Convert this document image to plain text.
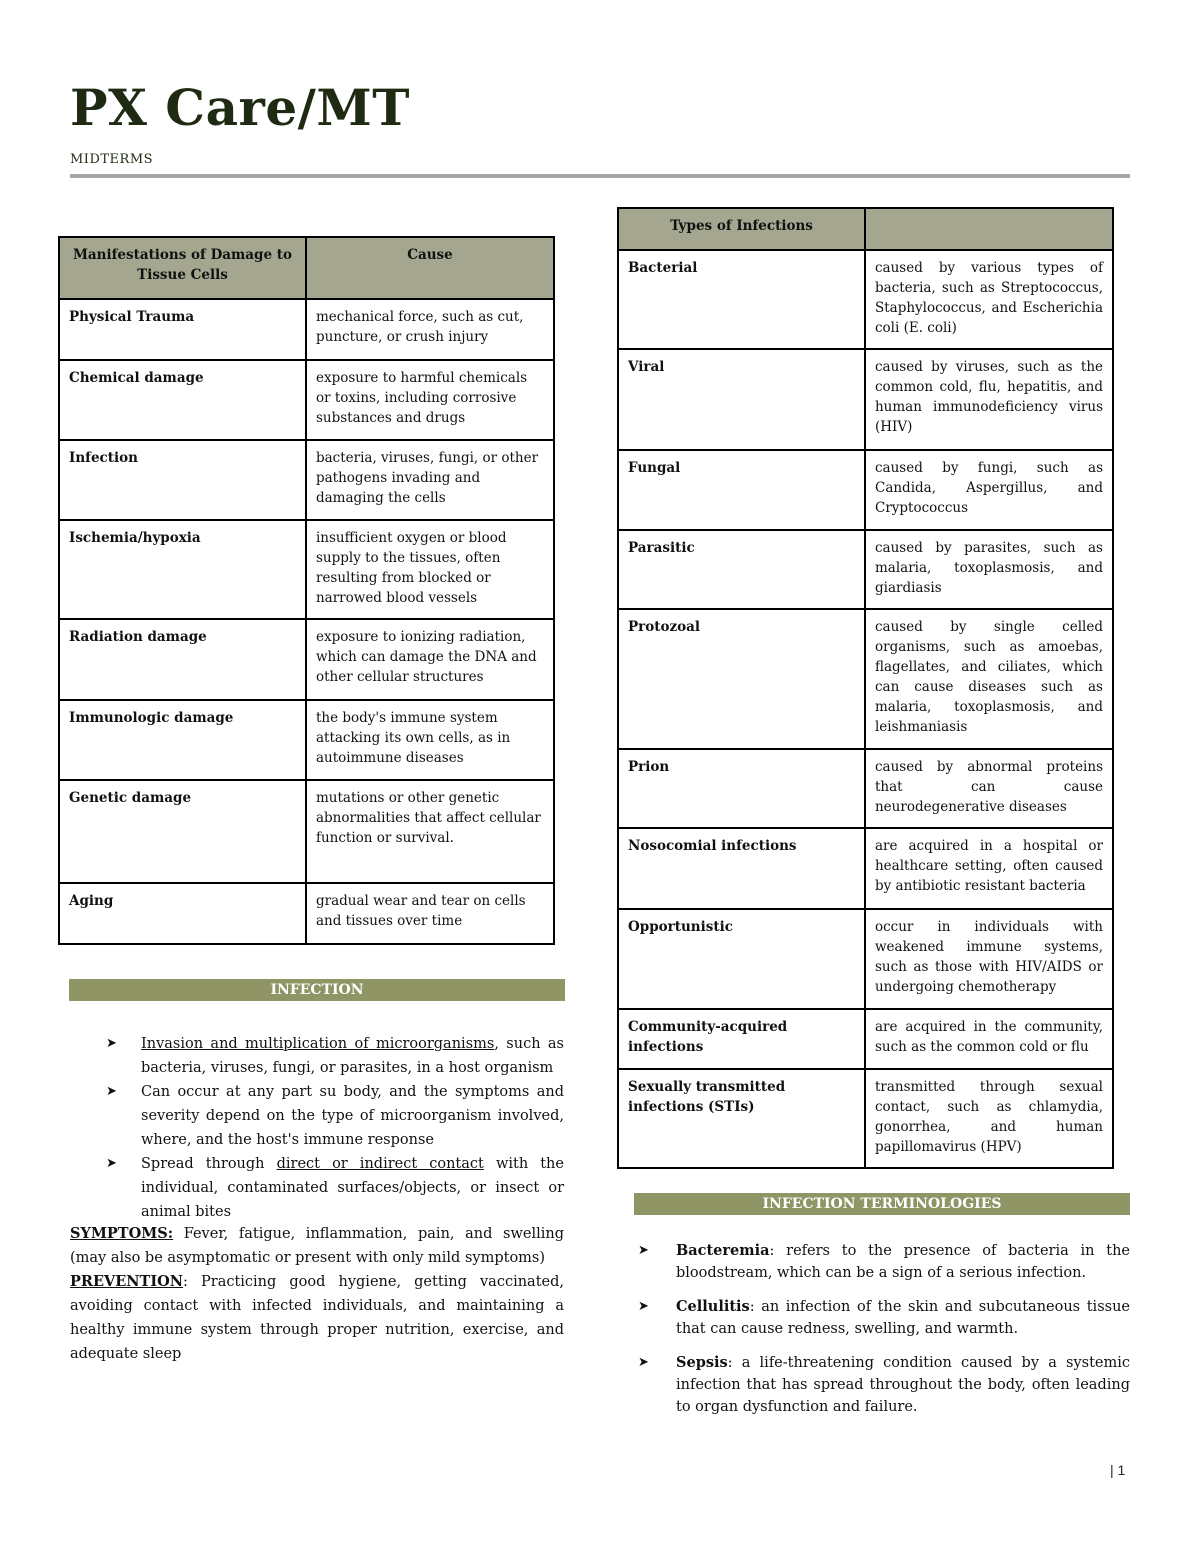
PX Care/MT
MIDTERMS
Manifestations of Damage to Tissue Cells	Cause
Physical Trauma	mechanical force, such as cut, puncture, or crush injury
Chemical damage	exposure to harmful chemicals or toxins, including corrosive substances and drugs
Infection	bacteria, viruses, fungi, or other pathogens invading and damaging the cells
Ischemia/hypoxia	insufficient oxygen or blood supply to the tissues, often resulting from blocked or narrowed blood vessels
Radiation damage	exposure to ionizing radiation, which can damage the DNA and other cellular structures
Immunologic damage	the body's immune system attacking its own cells, as in autoimmune diseases
Genetic damage	mutations or other genetic abnormalities that affect cellular function or survival.
Aging	gradual wear and tear on cells and tissues over time
INFECTION
➤ Invasion and multiplication of microorganisms, such as bacteria, viruses, fungi, or parasites, in a host organism
➤ Can occur at any part su body, and the symptoms and severity depend on the type of microorganism involved, where, and the host's immune response
➤ Spread through direct or indirect contact with the individual, contaminated surfaces/objects, or insect or animal bites

SYMPTOMS: Fever, fatigue, inflammation, pain, and swelling (may also be asymptomatic or present with only mild symptoms)

PREVENTION: Practicing good hygiene, getting vaccinated, avoiding contact with infected individuals, and maintaining a healthy immune system through proper nutrition, exercise, and adequate sleep

Types of Infections	
Bacterial	caused by various types of bacteria, such as Streptococcus, Staphylococcus, and Escherichia coli (E. coli)
Viral	caused by viruses, such as the common cold, flu, hepatitis, and human immunodeficiency virus (HIV)
Fungal	caused by fungi, such as Candida, Aspergillus, and Cryptococcus
Parasitic	caused by parasites, such as malaria, toxoplasmosis, and giardiasis
Protozoal	caused by single celled organisms, such as amoebas, flagellates, and ciliates, which can cause diseases such as malaria, toxoplasmosis, and leishmaniasis
Prion	caused by abnormal proteins that can cause neurodegenerative diseases
Nosocomial infections	are acquired in a hospital or healthcare setting, often caused by antibiotic resistant bacteria
Opportunistic	occur in individuals with weakened immune systems, such as those with HIV/AIDS or undergoing chemotherapy
Community-acquired infections	are acquired in the community, such as the common cold or flu
Sexually transmitted infections (STIs)	transmitted through sexual contact, such as chlamydia, gonorrhea, and human papillomavirus (HPV)
INFECTION TERMINOLOGIES
➤ Bacteremia: refers to the presence of bacteria in the bloodstream, which can be a sign of a serious infection.
➤ Cellulitis: an infection of the skin and subcutaneous tissue that can cause redness, swelling, and warmth.
➤ Sepsis: a life-threatening condition caused by a systemic infection that has spread throughout the body, often leading to organ dysfunction and failure.
| 1
